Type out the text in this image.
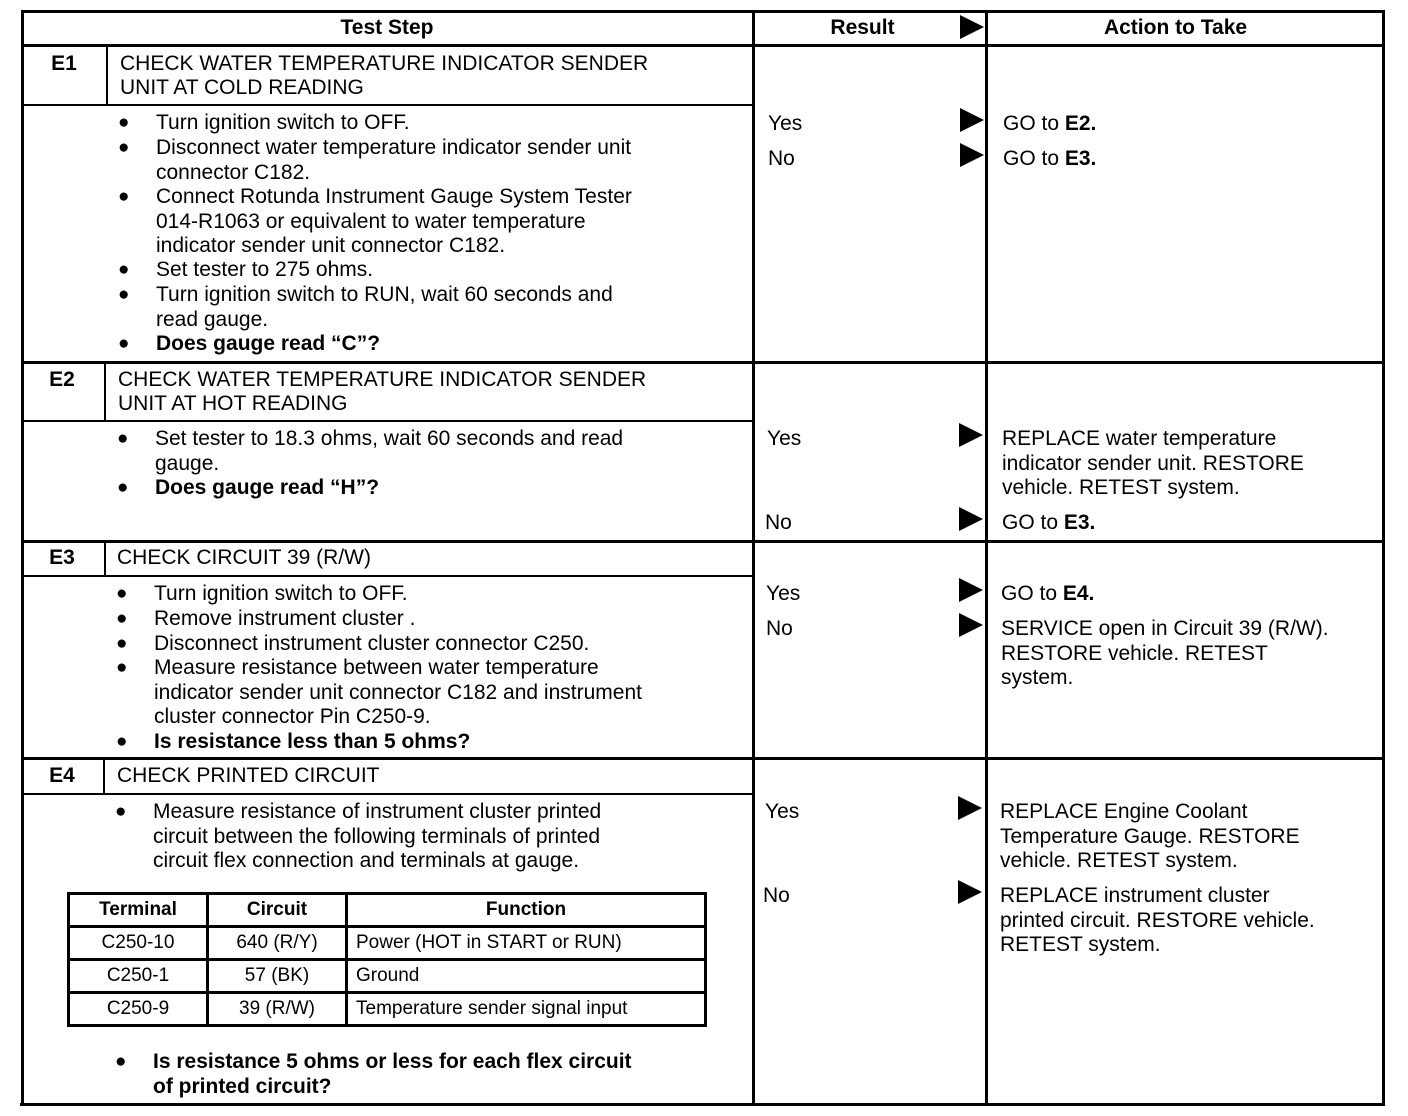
Test Step	Result	Action to Take
E1	CHECK WATER TEMPERATURE INDICATOR SENDER
UNIT AT COLD READING
● Turn ignition switch to OFF.
● Disconnect water temperature indicator sender unit
connector C182.
● Connect Rotunda Instrument Gauge System Tester
014-R1063 or equivalent to water temperature
indicator sender unit connector C182.
● Set tester to 275 ohms.
● Turn ignition switch to RUN, wait 60 seconds and
read gauge.
● Does gauge read “C”?
Yes	GO to E2.
No	GO to E3.
E2	CHECK WATER TEMPERATURE INDICATOR SENDER
UNIT AT HOT READING
● Set tester to 18.3 ohms, wait 60 seconds and read
gauge.
● Does gauge read “H”?
Yes	REPLACE water temperature
indicator sender unit. RESTORE
vehicle. RETEST system.
No	GO to E3.
E3	CHECK CIRCUIT 39 (R/W)
● Turn ignition switch to OFF.
● Remove instrument cluster .
● Disconnect instrument cluster connector C250.
● Measure resistance between water temperature
indicator sender unit connector C182 and instrument
cluster connector Pin C250-9.
● Is resistance less than 5 ohms?
Yes	GO to E4.
No	SERVICE open in Circuit 39 (R/W).
RESTORE vehicle. RETEST
system.
E4	CHECK PRINTED CIRCUIT
● Measure resistance of instrument cluster printed
circuit between the following terminals of printed
circuit flex connection and terminals at gauge.
Terminal	Circuit	Function
C250-10	640 (R/Y)	Power (HOT in START or RUN)
C250-1	57 (BK)	Ground
C250-9	39 (R/W)	Temperature sender signal input
● Is resistance 5 ohms or less for each flex circuit
of printed circuit?
Yes	REPLACE Engine Coolant
Temperature Gauge. RESTORE
vehicle. RETEST system.
No	REPLACE instrument cluster
printed circuit. RESTORE vehicle.
RETEST system.
